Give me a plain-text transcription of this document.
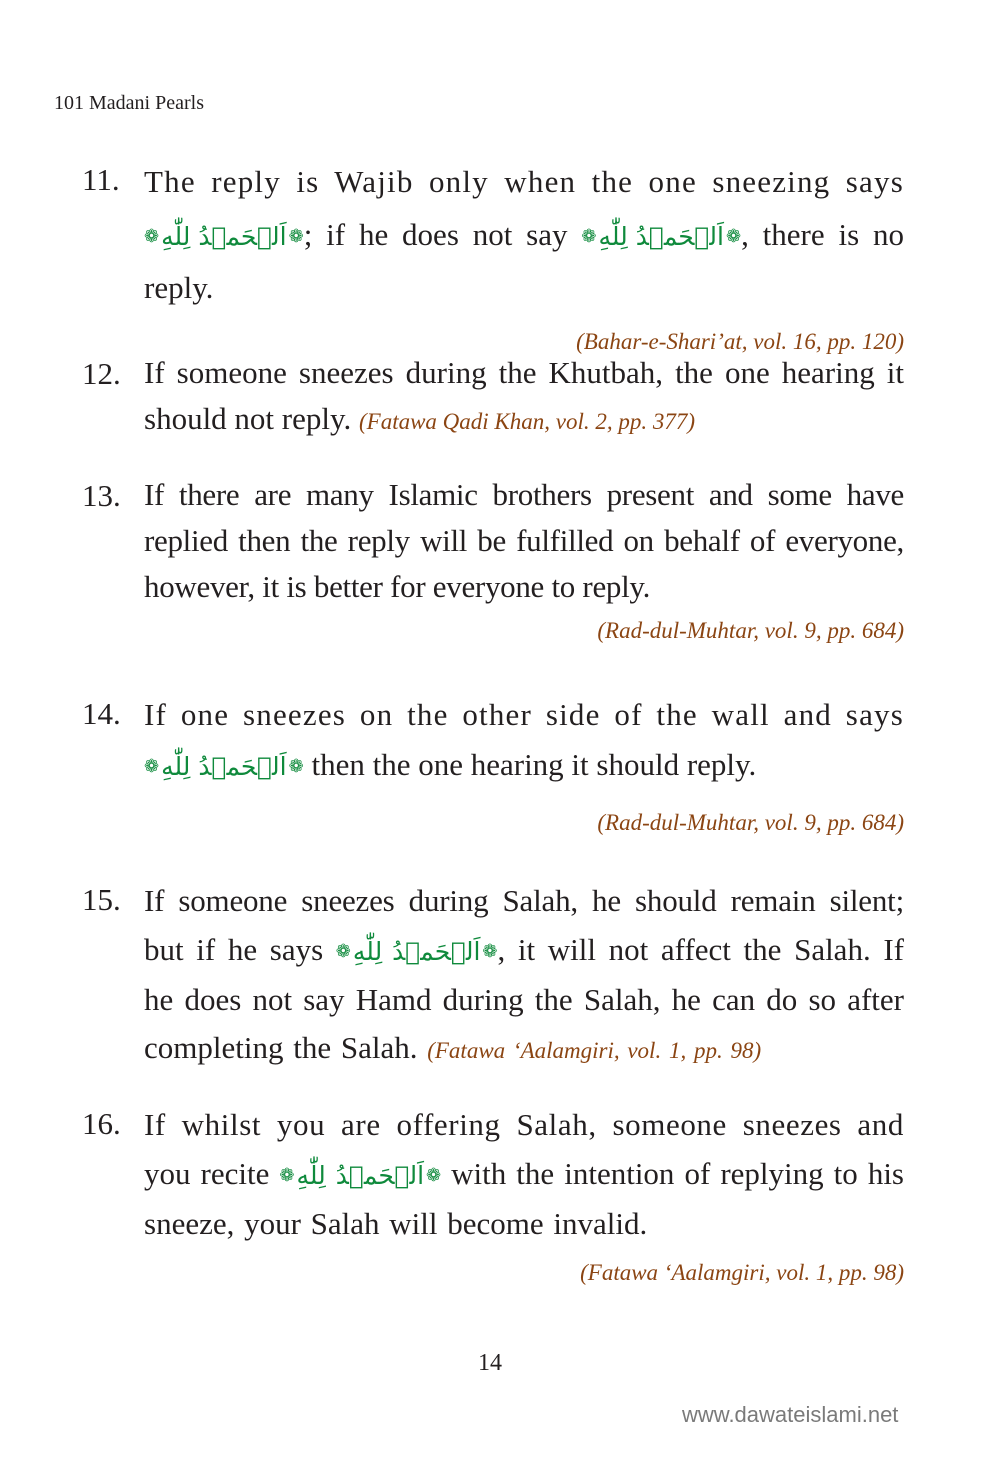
101 Madani Pearls
11. The reply is Wajib only when the one sneezing says
❁اَلۡحَمۡدُ لِلّٰهِ ❁; if he does not say ❁اَلۡحَمۡدُ لِلّٰهِ ❁, there is no reply.
(Bahar-e-Shari’at, vol. 16, pp. 120)
12. If someone sneezes during the Khutbah, the one hearing it should not reply. (Fatawa Qadi Khan, vol. 2, pp. 377)
13. If there are many Islamic brothers present and some have replied then the reply will be fulfilled on behalf of everyone, however, it is better for everyone to reply.
(Rad-dul-Muhtar, vol. 9, pp. 684)
14. If one sneezes on the other side of the wall and says
❁اَلۡحَمۡدُ لِلّٰهِ ❁ then the one hearing it should reply.
(Rad-dul-Muhtar, vol. 9, pp. 684)
15. If someone sneezes during Salah, he should remain silent;
but if he says ❁اَلۡحَمۡدُ لِلّٰهِ ❁, it will not affect the Salah. If he does not say Hamd during the Salah, he can do so after completing the Salah. (Fatawa ‘Aalamgiri, vol. 1, pp. 98)
16. If whilst you are offering Salah, someone sneezes and
you recite ❁اَلۡحَمۡدُ لِلّٰهِ ❁ with the intention of replying to his sneeze, your Salah will become invalid.
(Fatawa ‘Aalamgiri, vol. 1, pp. 98)
14
www.dawateislami.net
